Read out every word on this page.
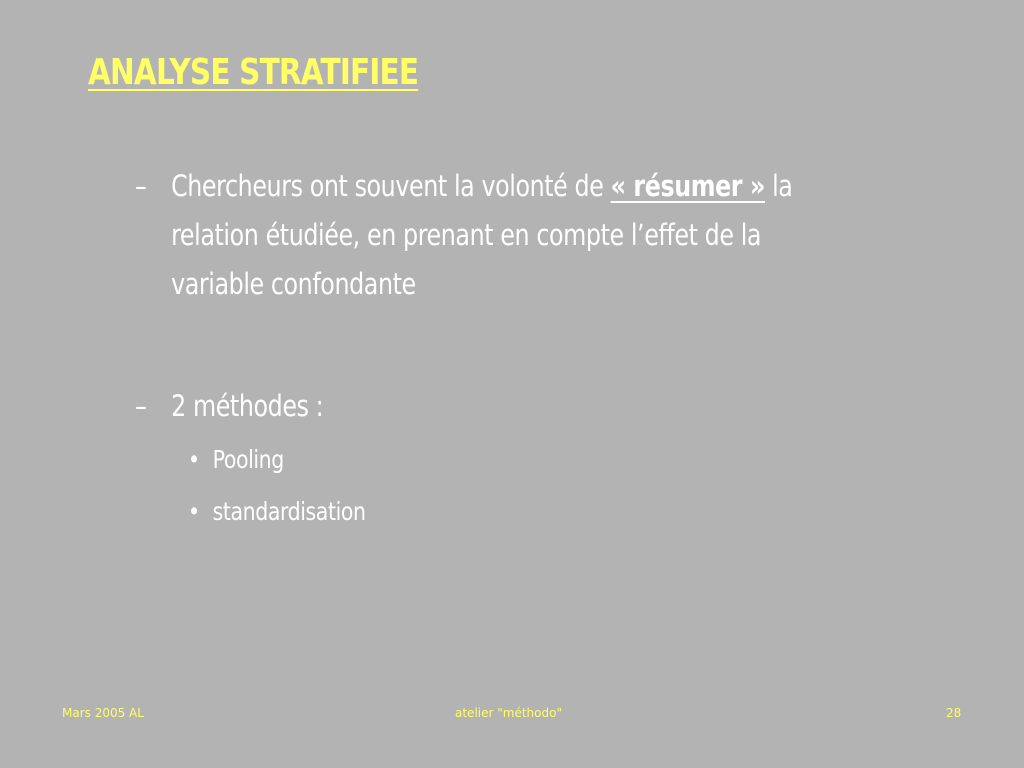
ANALYSE STRATIFIEE
– Chercheurs ont souvent la volonté de « résumer » la
relation étudiée, en prenant en compte l’effet de la
variable confondante
– 2 méthodes :
• Pooling
• standardisation
Mars 2005 AL	atelier "méthodo"	28
